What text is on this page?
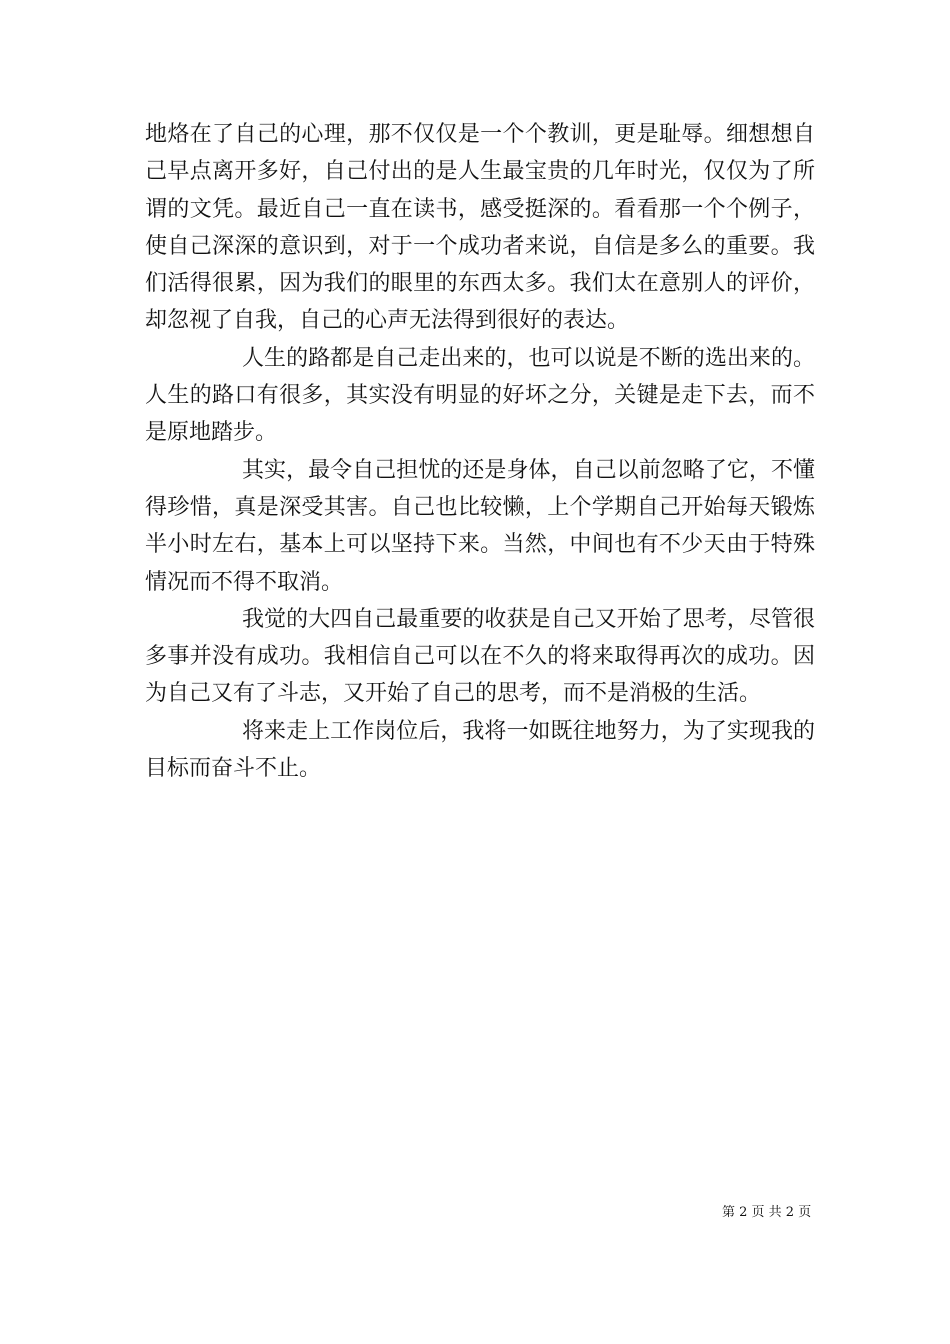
地烙在了自己的心理，那不仅仅是一个个教训，更是耻辱。细想想自己早点离开多好，自己付出的是人生最宝贵的几年时光，仅仅为了所谓的文凭。最近自己一直在读书，感受挺深的。看看那一个个例子，使自己深深的意识到，对于一个成功者来说，自信是多么的重要。我们活得很累，因为我们的眼里的东西太多。我们太在意别人的评价，却忽视了自我，自己的心声无法得到很好的表达。

人生的路都是自己走出来的，也可以说是不断的选出来的。人生的路口有很多，其实没有明显的好坏之分，关键是走下去，而不是原地踏步。

其实，最令自己担忧的还是身体，自己以前忽略了它，不懂得珍惜，真是深受其害。自己也比较懒，上个学期自己开始每天锻炼半小时左右，基本上可以坚持下来。当然，中间也有不少天由于特殊情况而不得不取消。

我觉的大四自己最重要的收获是自己又开始了思考，尽管很多事并没有成功。我相信自己可以在不久的将来取得再次的成功。因为自己又有了斗志，又开始了自己的思考，而不是消极的生活。

将来走上工作岗位后，我将一如既往地努力，为了实现我的目标而奋斗不止。

第 2 页 共 2 页
